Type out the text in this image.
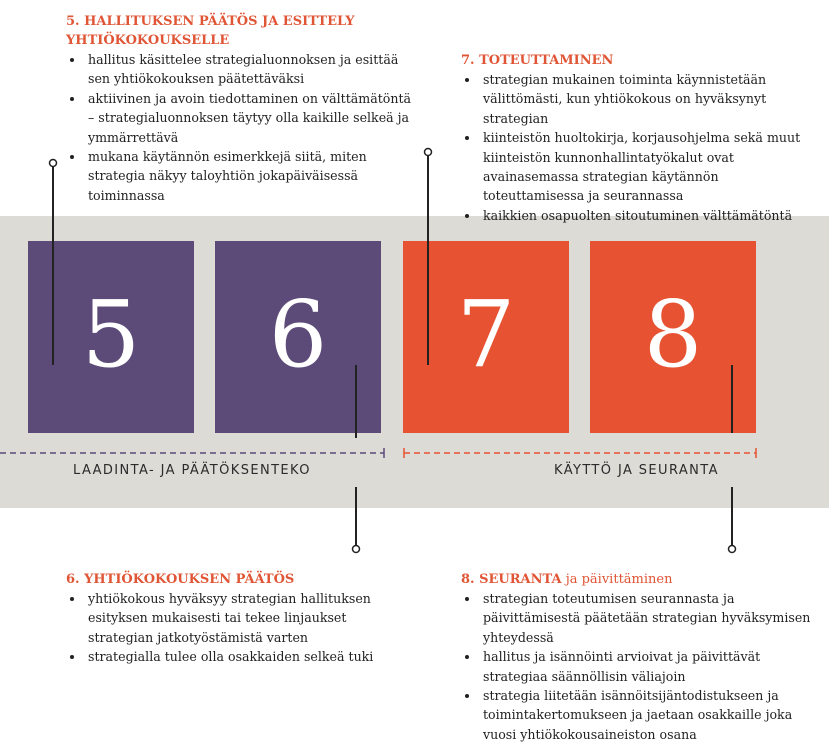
5 6 7 8
LAADINTA- JA PÄÄTÖKSENTEKO	KÄYTTÖ JA SEURANTA
5. HALLITUKSEN PÄÄTÖS JA ESITTELY YHTIÖKOKOUKSELLE
hallitus käsittelee strategialuonnoksen ja esittää sen yhtiökokouksen päätettäväksi
aktiivinen ja avoin tiedottaminen on välttämätöntä – strategialuonnoksen täytyy olla kaikille selkeä ja ymmärrettävä
mukana käytännön esimerkkejä siitä, miten strategia näkyy taloyhtiön jokapäiväisessä toiminnassa
7. TOTEUTTAMINEN
strategian mukainen toiminta käynnistetään välittömästi, kun yhtiökokous on hyväksynyt strategian
kiinteistön huoltokirja, korjausohjelma sekä muut kiinteistön kunnonhallintatyökalut ovat avainasemassa strategian käytännön toteuttamisessa ja seurannassa
kaikkien osapuolten sitoutuminen välttämätöntä
6. YHTIÖKOKOUKSEN PÄÄTÖS
yhtiökokous hyväksyy strategian hallituksen esityksen mukaisesti tai tekee linjaukset strategian jatkotyöstämistä varten
strategialla tulee olla osakkaiden selkeä tuki
8. SEURANTA ja päivittäminen
strategian toteutumisen seurannasta ja päivittämisestä päätetään strategian hyväksymisen yhteydessä
hallitus ja isännöinti arvioivat ja päivittävät strategiaa säännöllisin väliajoin
strategia liitetään isännöitsijäntodistukseen ja toimintakertomukseen ja jaetaan osakkaille joka vuosi yhtiökokousaineiston osana
